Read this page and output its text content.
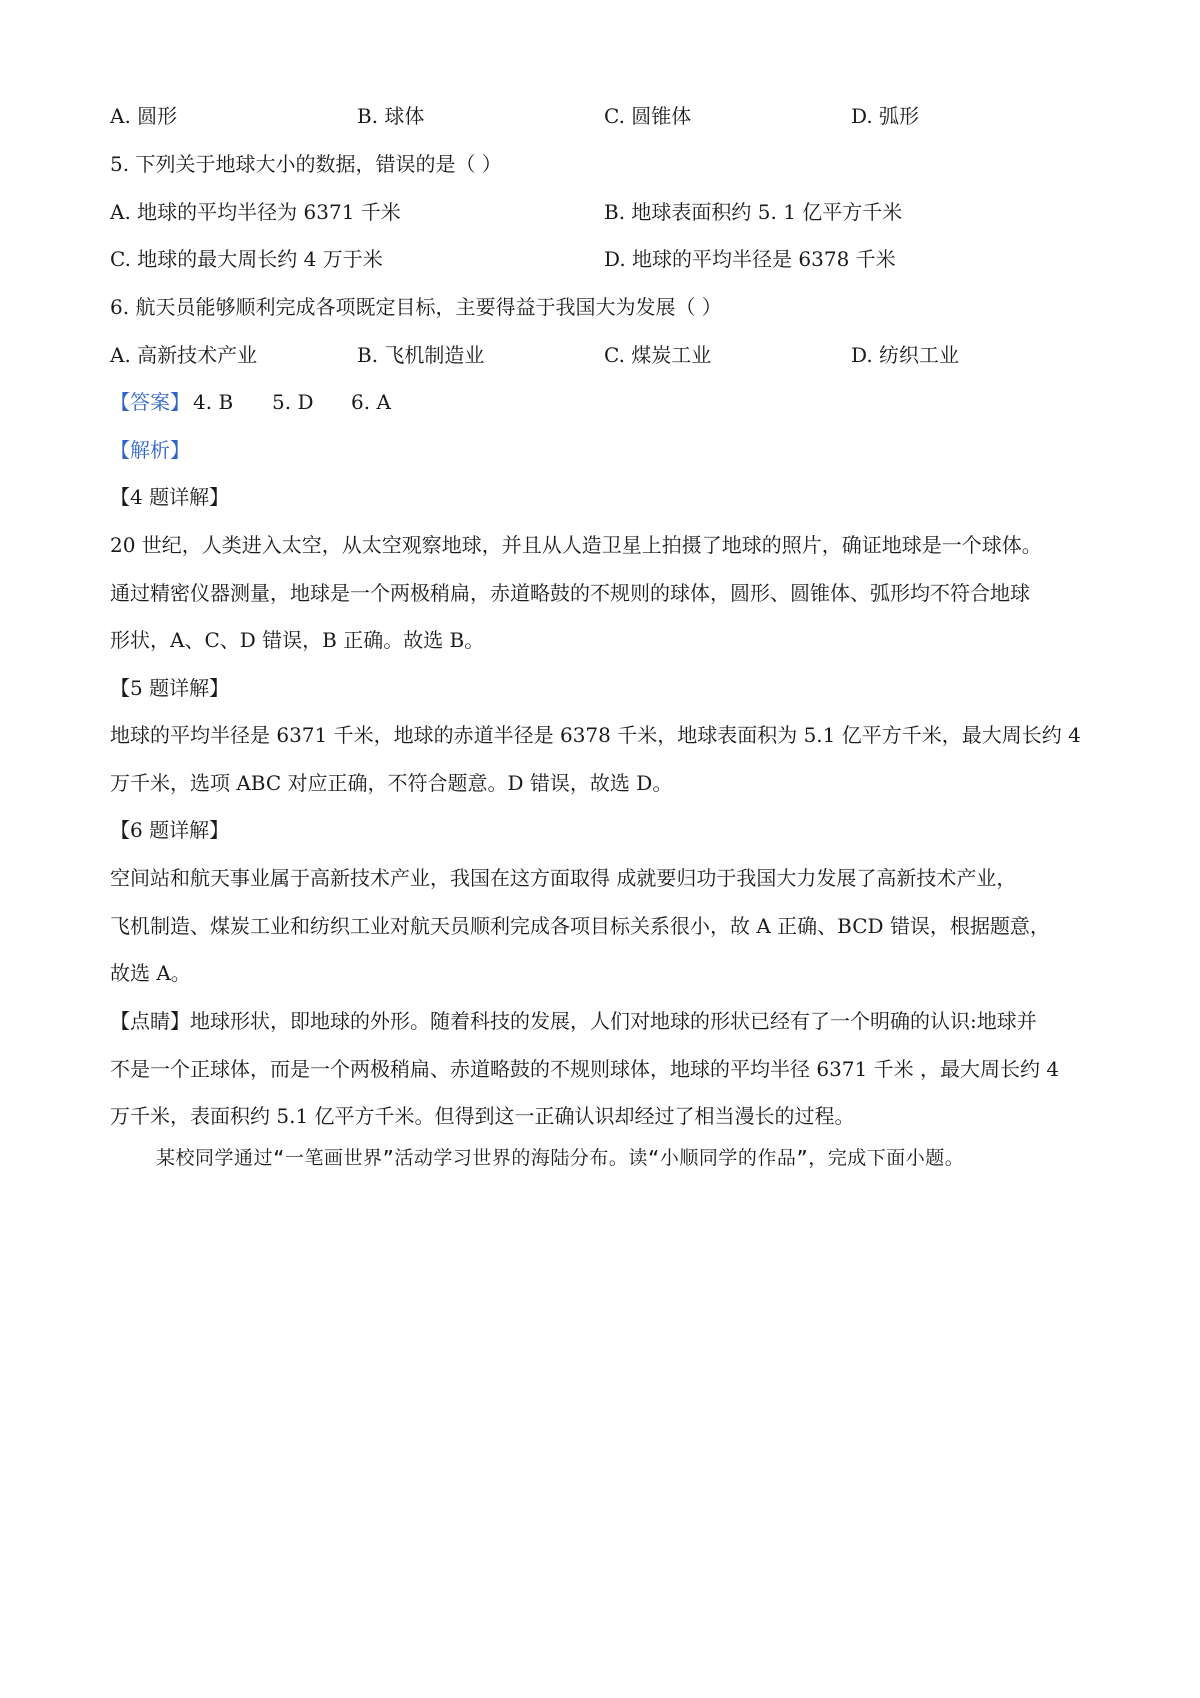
A. 圆形	B. 球体	C. 圆锥体	D. 弧形
5. 下列关于地球大小的数据，错误的是（ ）
A. 地球的平均半径为 6371 千米	B. 地球表面积约 5. 1 亿平方千米
C. 地球的最大周长约 4 万于米	D. 地球的平均半径是 6378 千米
6. 航天员能够顺利完成各项既定目标，主要得益于我国大为发展（ ）
A. 高新技术产业	B. 飞机制造业	C. 煤炭工业	D. 纺织工业
【答案】 4. B 5. D 6. A
【解析】
【4 题详解】
20 世纪，人类进入太空，从太空观察地球，并且从人造卫星上拍摄了地球的照片，确证地球是一个球体。
通过精密仪器测量，地球是一个两极稍扁，赤道略鼓的不规则的球体，圆形、圆锥体、弧形均不符合地球
形状，A、C、D 错误，B 正确。故选 B。
【5 题详解】
地球的平均半径是 6371 千米，地球的赤道半径是 6378 千米，地球表面积为 5.1 亿平方千米，最大周长约 4
万千米，选项 ABC 对应正确，不符合题意。D 错误，故选 D。
【6 题详解】
空间站和航天事业属于高新技术产业，我国在这方面取得 成就要归功于我国大力发展了高新技术产业，
飞机制造、煤炭工业和纺织工业对航天员顺利完成各项目标关系很小，故 A 正确、BCD 错误，根据题意，
故选 A。
【点睛】地球形状，即地球的外形。随着科技的发展，人们对地球的形状已经有了一个明确的认识:地球并
不是一个正球体，而是一个两极稍扁、赤道略鼓的不规则球体，地球的平均半径 6371 千米 ，最大周长约 4
万千米，表面积约 5.1 亿平方千米。但得到这一正确认识却经过了相当漫长的过程。
某校同学通过“一笔画世界”活动学习世界的海陆分布。读“小顺同学的作品”，完成下面小题。
